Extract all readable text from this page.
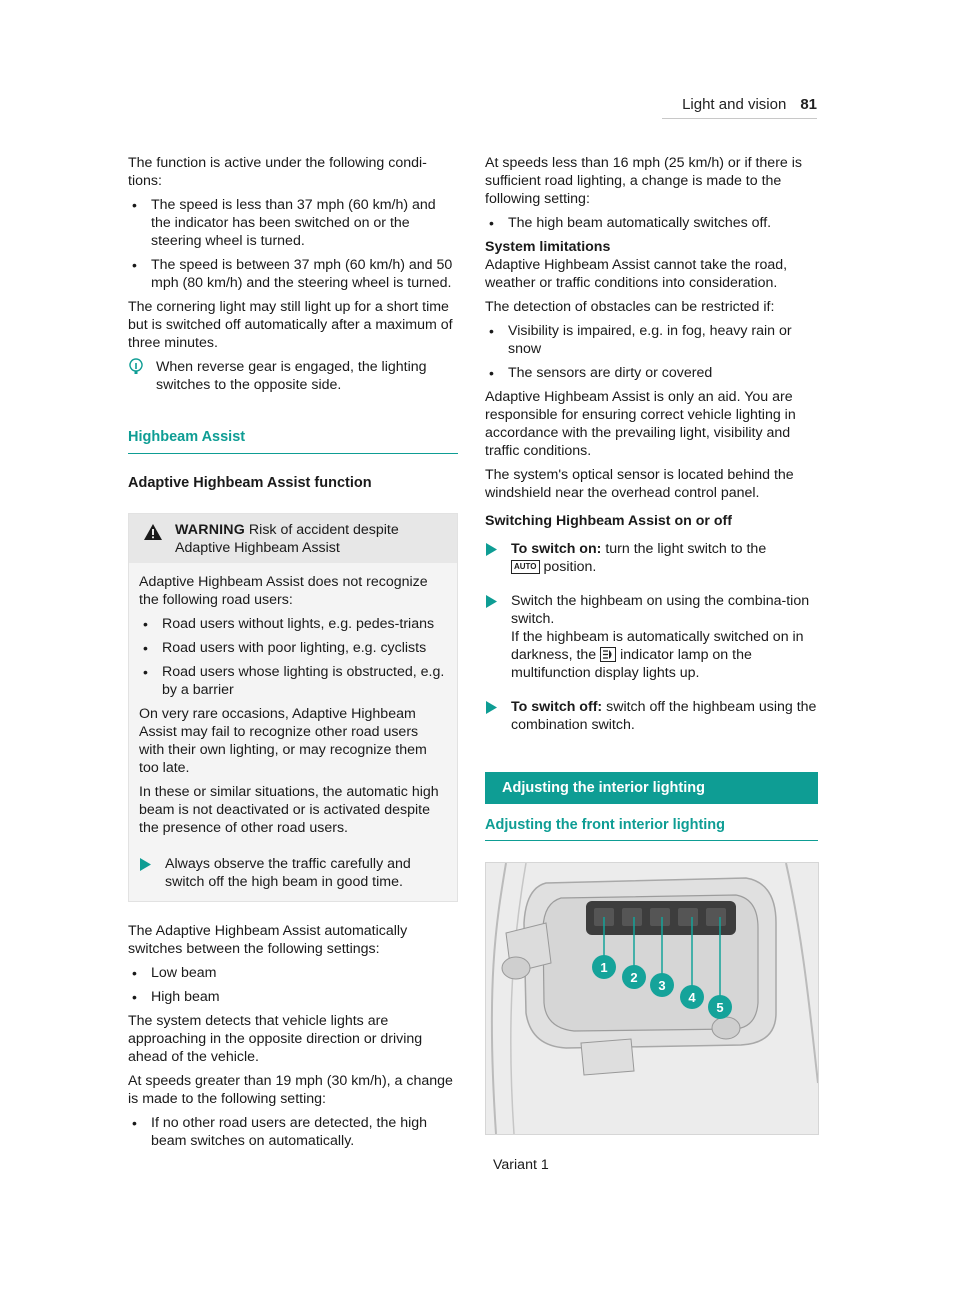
Light and vision 81

The function is active under the following condi-tions:

• The speed is less than 37 mph (60 km/h) and the indicator has been switched on or the steering wheel is turned.
• The speed is between 37 mph (60 km/h) and 50 mph (80 km/h) and the steering wheel is turned.

The cornering light may still light up for a short time but is switched off automatically after a maximum of three minutes.

When reverse gear is engaged, the lighting switches to the opposite side.
Highbeam Assist
Adaptive Highbeam Assist function
WARNING Risk of accident despite Adaptive Highbeam Assist

Adaptive Highbeam Assist does not recognize the following road users:

• Road users without lights, e.g. pedes-trians
• Road users with poor lighting, e.g. cyclists
• Road users whose lighting is obstructed, e.g. by a barrier

On very rare occasions, Adaptive Highbeam Assist may fail to recognize other road users with their own lighting, or may recognize them too late.

In these or similar situations, the automatic high beam is not deactivated or is activated despite the presence of other road users.

Always observe the traffic carefully and switch off the high beam in good time.

The Adaptive Highbeam Assist automatically switches between the following settings:

• Low beam
• High beam

The system detects that vehicle lights are approaching in the opposite direction or driving ahead of the vehicle.

At speeds greater than 19 mph (30 km/h), a change is made to the following setting:

• If no other road users are detected, the high beam switches on automatically.

At speeds less than 16 mph (25 km/h) or if there is sufficient road lighting, a change is made to the following setting:

• The high beam automatically switches off.
System limitations

Adaptive Highbeam Assist cannot take the road, weather or traffic conditions into consideration.

The detection of obstacles can be restricted if:

• Visibility is impaired, e.g. in fog, heavy rain or snow
• The sensors are dirty or covered

Adaptive Highbeam Assist is only an aid. You are responsible for ensuring correct vehicle lighting in accordance with the prevailing light, visibility and traffic conditions.

The system's optical sensor is located behind the windshield near the overhead control panel.

Switching Highbeam Assist on or off
To switch on: turn the light switch to the
AUTO position.
Switch the highbeam on using the combina-tion switch.
If the highbeam is automatically switched on in darkness, the indicator lamp on the multifunction display lights up.
To switch off: switch off the highbeam using the combination switch.
Adjusting the interior lighting
Adjusting the front interior lighting
1
2
3
4
5
Variant 1
